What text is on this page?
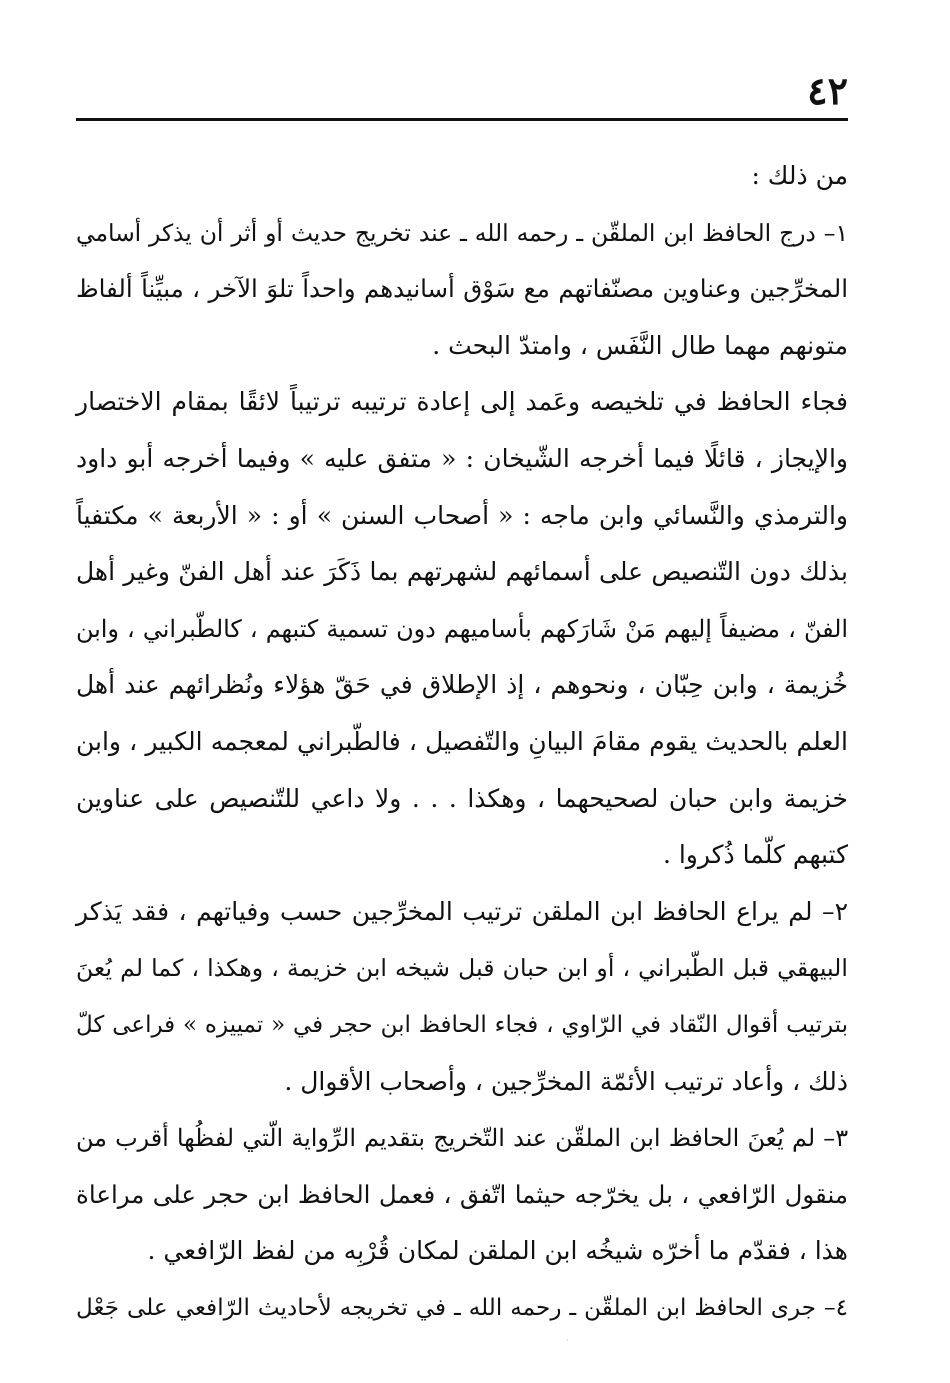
٤٢
من ذلك :
١– درج الحافظ ابن الملقّن ـ رحمه الله ـ عند تخريج حديث أو أثر أن يذكر أسامي
المخرِّجين وعناوين مصنّفاتهم مع سَوْق أسانيدهم واحداً تلوَ الآخر ، مبيِّناً ألفاظ
متونهم مهما طال النَّفَس ، وامتدّ البحث .
فجاء الحافظ في تلخيصه وعَمد إلى إعادة ترتيبه ترتيباً لائقًا بمقام الاختصار
والإيجاز ، قائلًا فيما أخرجه الشّيخان : « متفق عليه » وفيما أخرجه أبو داود
والترمذي والنَّسائي وابن ماجه : « أصحاب السنن » أو : « الأربعة » مكتفياً
بذلك دون التّنصيص على أسمائهم لشهرتهم بما ذَكَرَ عند أهل الفنّ وغير أهل
الفنّ ، مضيفاً إليهم مَنْ شَارَكهم بأساميهم دون تسمية كتبهم ، كالطّبراني ، وابن
خُزيمة ، وابن حِبّان ، ونحوهم ، إذ الإطلاق في حَقّ هؤلاء ونُظرائهم عند أهل
العلم بالحديث يقوم مقامَ البيانِ والتّفصيل ، فالطّبراني لمعجمه الكبير ، وابن
خزيمة وابن حبان لصحيحهما ، وهكذا . . . ولا داعي للتّنصيص على عناوين
كتبهم كلّما ذُكروا .
٢– لم يراع الحافظ ابن الملقن ترتيب المخرِّجين حسب وفياتهم ، فقد يَذكر
البيهقي قبل الطّبراني ، أو ابن حبان قبل شيخه ابن خزيمة ، وهكذا ، كما لم يُعنَ
بترتيب أقوال النّقاد في الرّاوي ، فجاء الحافظ ابن حجر في « تمييزه » فراعى كلّ
ذلك ، وأعاد ترتيب الأئمّة المخرِّجين ، وأصحاب الأقوال .
٣– لم يُعنَ الحافظ ابن الملقّن عند التّخريج بتقديم الرِّواية الّتي لفظُها أقرب من
منقول الرّافعي ، بل يخرّجه حيثما اتّفق ، فعمل الحافظ ابن حجر على مراعاة
هذا ، فقدّم ما أخرّه شيخُه ابن الملقن لمكان قُرْبِه من لفظ الرّافعي .
٤– جرى الحافظ ابن الملقّن ـ رحمه الله ـ في تخريجه لأحاديث الرّافعي على جَعْل
·
